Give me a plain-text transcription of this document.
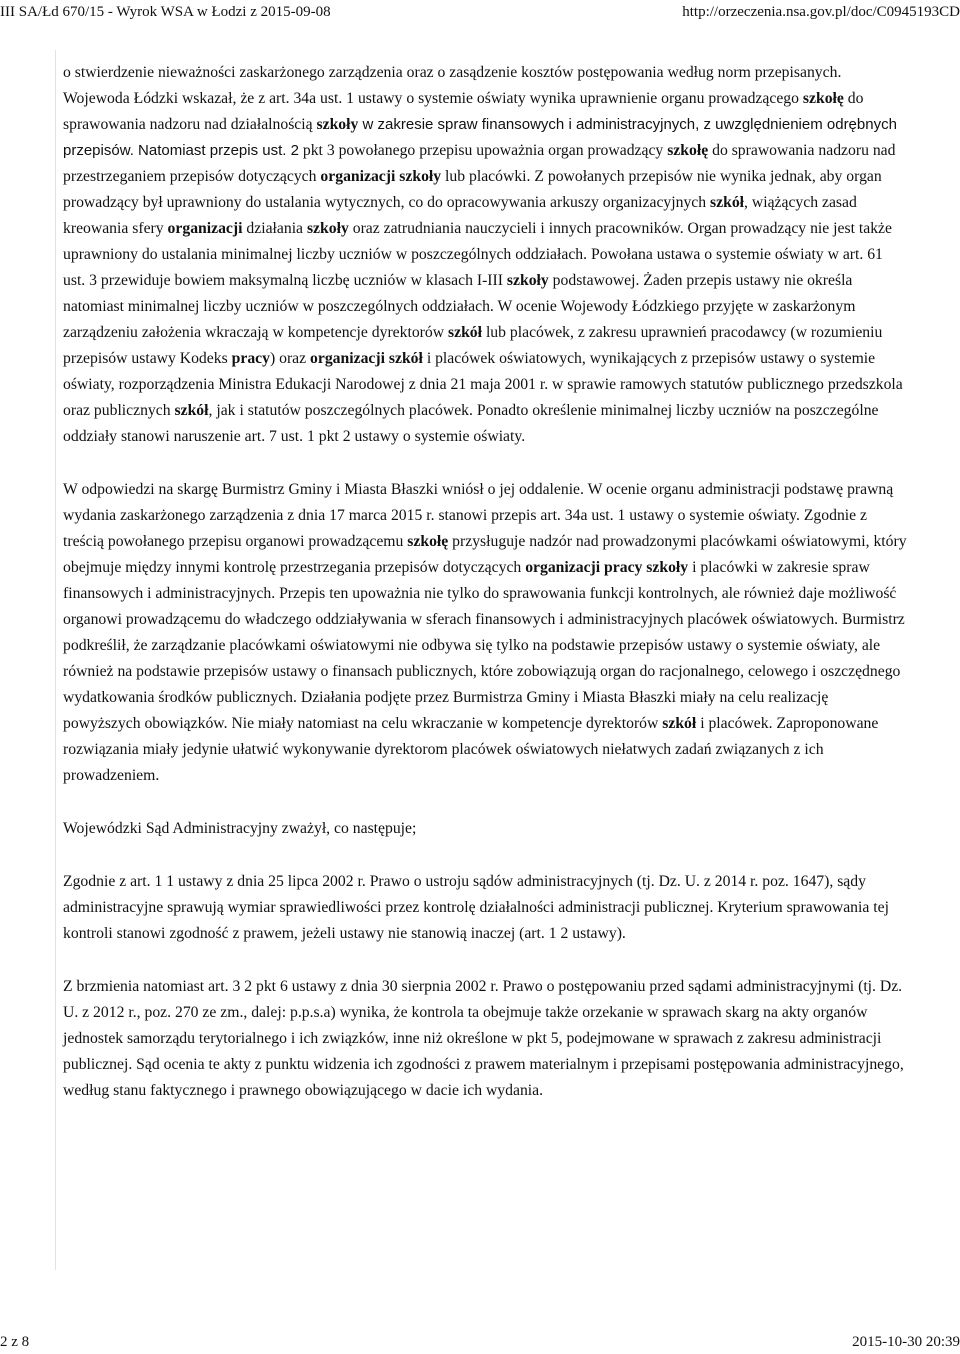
III SA/Łd 670/15 - Wyrok WSA w Łodzi z 2015-09-08	http://orzeczenia.nsa.gov.pl/doc/C0945193CD

o stwierdzenie nieważności zaskarżonego zarządzenia oraz o zasądzenie kosztów postępowania według norm przepisanych. Wojewoda Łódzki wskazał, że z art. 34a ust. 1 ustawy o systemie oświaty wynika uprawnienie organu prowadzącego szkołę do sprawowania nadzoru nad działalnością szkoły w zakresie spraw finansowych i administracyjnych, z uwzględnieniem odrębnych przepisów. Natomiast przepis ust. 2 pkt 3 powołanego przepisu upoważnia organ prowadzący szkołę do sprawowania nadzoru nad przestrzeganiem przepisów dotyczących organizacji szkoły lub placówki. Z powołanych przepisów nie wynika jednak, aby organ prowadzący był uprawniony do ustalania wytycznych, co do opracowywania arkuszy organizacyjnych szkół, wiążących zasad kreowania sfery organizacji działania szkoły oraz zatrudniania nauczycieli i innych pracowników. Organ prowadzący nie jest także uprawniony do ustalania minimalnej liczby uczniów w poszczególnych oddziałach. Powołana ustawa o systemie oświaty w art. 61 ust. 3 przewiduje bowiem maksymalną liczbę uczniów w klasach I-III szkoły podstawowej. Żaden przepis ustawy nie określa natomiast minimalnej liczby uczniów w poszczególnych oddziałach. W ocenie Wojewody Łódzkiego przyjęte w zaskarżonym zarządzeniu założenia wkraczają w kompetencje dyrektorów szkół lub placówek, z zakresu uprawnień pracodawcy (w rozumieniu przepisów ustawy Kodeks pracy) oraz organizacji szkół i placówek oświatowych, wynikających z przepisów ustawy o systemie oświaty, rozporządzenia Ministra Edukacji Narodowej z dnia 21 maja 2001 r. w sprawie ramowych statutów publicznego przedszkola oraz publicznych szkół, jak i statutów poszczególnych placówek. Ponadto określenie minimalnej liczby uczniów na poszczególne oddziały stanowi naruszenie art. 7 ust. 1 pkt 2 ustawy o systemie oświaty.

W odpowiedzi na skargę Burmistrz Gminy i Miasta Błaszki wniósł o jej oddalenie. W ocenie organu administracji podstawę prawną wydania zaskarżonego zarządzenia z dnia 17 marca 2015 r. stanowi przepis art. 34a ust. 1 ustawy o systemie oświaty. Zgodnie z treścią powołanego przepisu organowi prowadzącemu szkołę przysługuje nadzór nad prowadzonymi placówkami oświatowymi, który obejmuje między innymi kontrolę przestrzegania przepisów dotyczących organizacji pracy szkoły i placówki w zakresie spraw finansowych i administracyjnych. Przepis ten upoważnia nie tylko do sprawowania funkcji kontrolnych, ale również daje możliwość organowi prowadzącemu do władczego oddziaływania w sferach finansowych i administracyjnych placówek oświatowych. Burmistrz podkreślił, że zarządzanie placówkami oświatowymi nie odbywa się tylko na podstawie przepisów ustawy o systemie oświaty, ale również na podstawie przepisów ustawy o finansach publicznych, które zobowiązują organ do racjonalnego, celowego i oszczędnego wydatkowania środków publicznych. Działania podjęte przez Burmistrza Gminy i Miasta Błaszki miały na celu realizację powyższych obowiązków. Nie miały natomiast na celu wkraczanie w kompetencje dyrektorów szkół i placówek. Zaproponowane rozwiązania miały jedynie ułatwić wykonywanie dyrektorom placówek oświatowych niełatwych zadań związanych z ich prowadzeniem.

Wojewódzki Sąd Administracyjny zważył, co następuje;

Zgodnie z art. 1 1 ustawy z dnia 25 lipca 2002 r. Prawo o ustroju sądów administracyjnych (tj. Dz. U. z 2014 r. poz. 1647), sądy administracyjne sprawują wymiar sprawiedliwości przez kontrolę działalności administracji publicznej. Kryterium sprawowania tej kontroli stanowi zgodność z prawem, jeżeli ustawy nie stanowią inaczej (art. 1 2 ustawy).

Z brzmienia natomiast art. 3 2 pkt 6 ustawy z dnia 30 sierpnia 2002 r. Prawo o postępowaniu przed sądami administracyjnymi (tj. Dz. U. z 2012 r., poz. 270 ze zm., dalej: p.p.s.a) wynika, że kontrola ta obejmuje także orzekanie w sprawach skarg na akty organów jednostek samorządu terytorialnego i ich związków, inne niż określone w pkt 5, podejmowane w sprawach z zakresu administracji publicznej. Sąd ocenia te akty z punktu widzenia ich zgodności z prawem materialnym i przepisami postępowania administracyjnego, według stanu faktycznego i prawnego obowiązującego w dacie ich wydania.

2 z 8	2015-10-30 20:39
